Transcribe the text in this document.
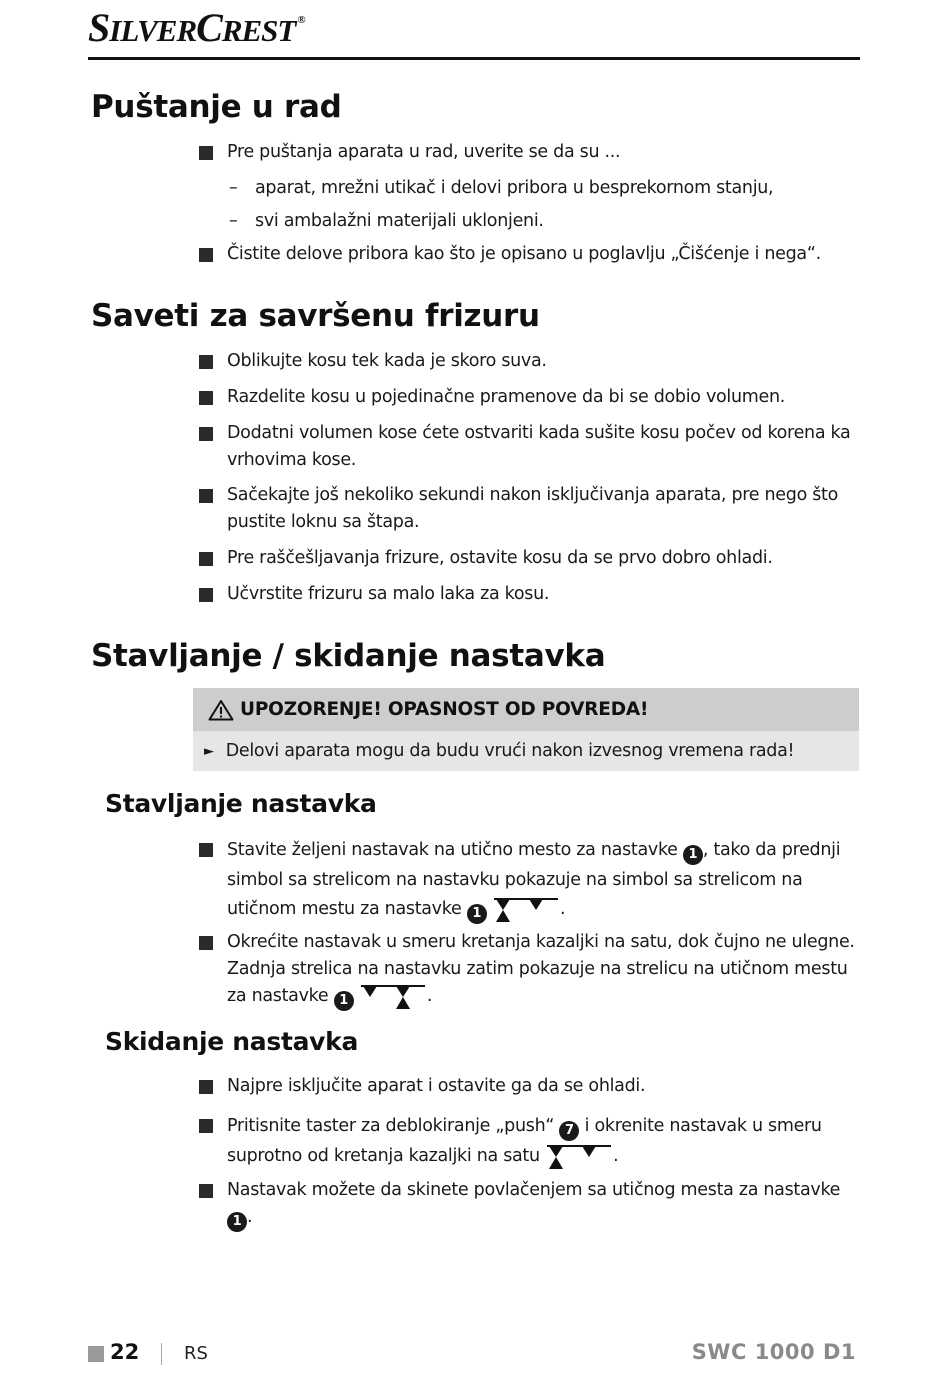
SILVERCREST ®
Puštanje u rad
Pre puštanja aparata u rad, uverite se da su ...
– aparat, mrežni utikač i delovi pribora u besprekornom stanju,
– svi ambalažni materijali uklonjeni.
Čistite delove pribora kao što je opisano u poglavlju „Čišćenje i nega“.
Saveti za savršenu frizuru
Oblikujte kosu tek kada je skoro suva.
Razdelite kosu u pojedinačne pramenove da bi se dobio volumen.
Dodatni volumen kose ćete ostvariti kada sušite kosu počev od korena ka vrhovima kose.
Sačekajte još nekoliko sekundi nakon isključivanja aparata, pre nego što pustite loknu sa štapa.
Pre raščešljavanja frizure, ostavite kosu da se prvo dobro ohladi.
Učvrstite frizuru sa malo laka za kosu.
Stavljanje / skidanje nastavka
UPOZORENJE! OPASNOST OD POVREDA!
► Delovi aparata mogu da budu vrući nakon izvesnog vremena rada!
Stavljanje nastavka
Stavite željeni nastavak na utično mesto za nastavke 1 , tako da prednji simbol sa strelicom na nastavku pokazuje na simbol sa strelicom na utičnom mestu za nastavke 1	.
Okrećite nastavak u smeru kretanja kazaljki na satu, dok čujno ne ulegne. Zadnja strelica na nastavku zatim pokazuje na strelicu na utičnom mestu za nastavke 1	.
Skidanje nastavka
Najpre isključite aparat i ostavite ga da se ohladi.
Pritisnite taster za deblokiranje „push“ 7 i okrenite nastavak u smeru suprotno od kretanja kazaljki na satu	.
Nastavak možete da skinete povlačenjem sa utičnog mesta za nastavke 1 .
22 RS	SWC 1000 D1
